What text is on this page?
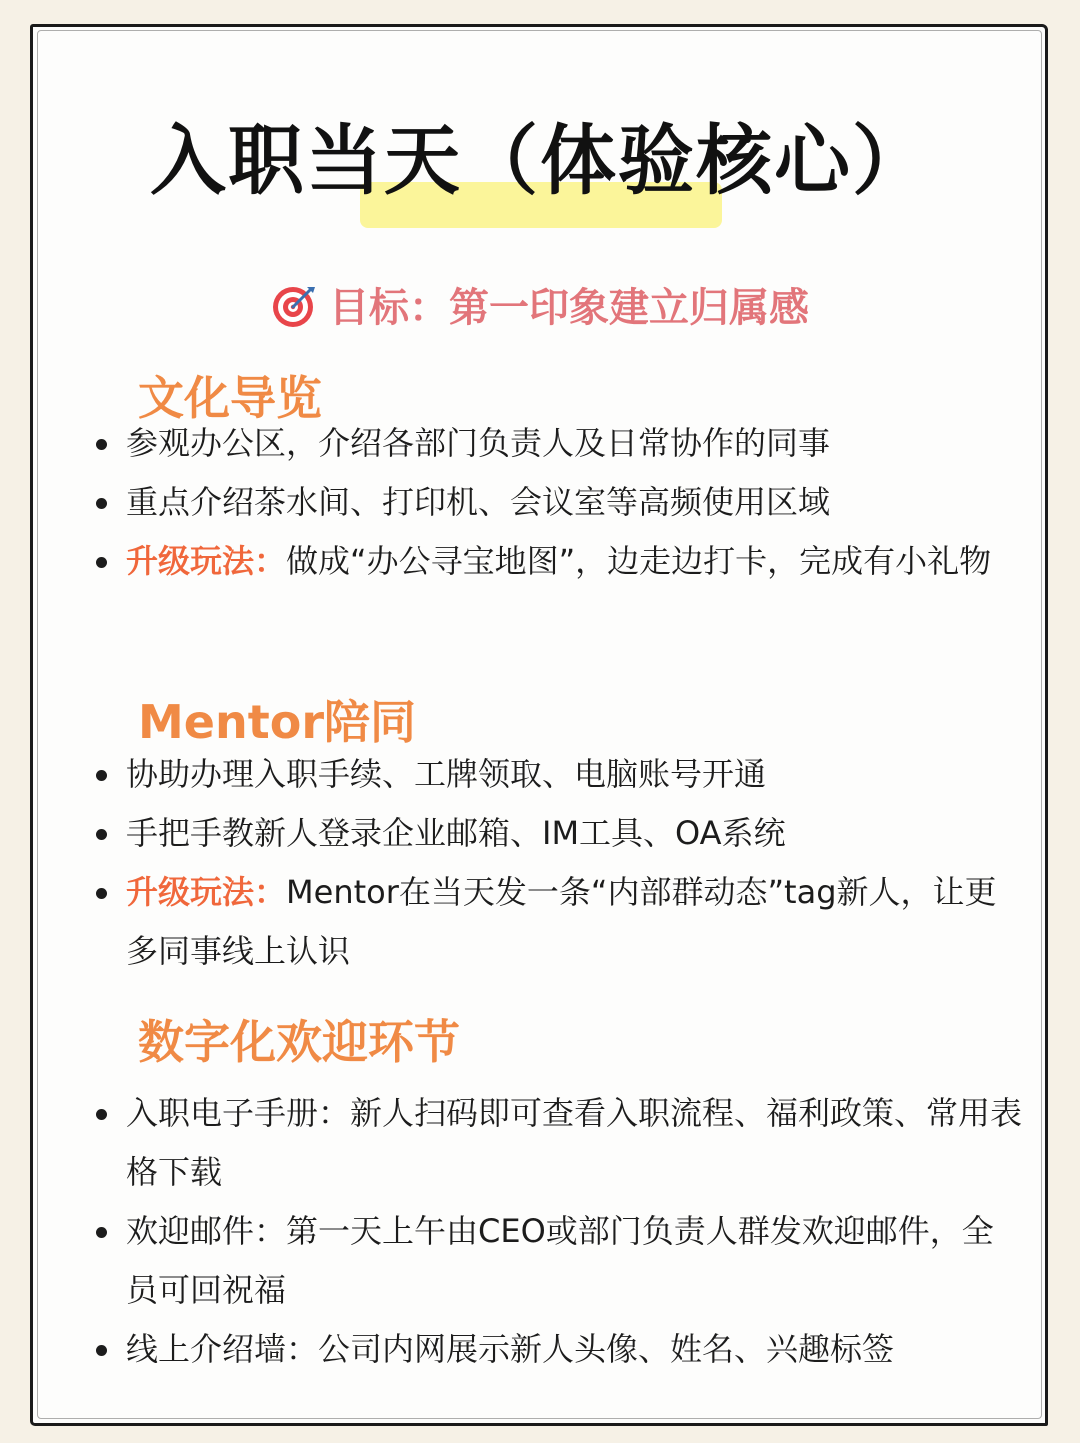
入职当天（体验核心）
目标：第一印象建立归属感
文化导览
参观办公区，介绍各部门负责人及日常协作的同事
重点介绍茶水间、打印机、会议室等高频使用区域
升级玩法：做成“办公寻宝地图”，边走边打卡，完成有小礼物
Mentor陪同
协助办理入职手续、工牌领取、电脑账号开通
手把手教新人登录企业邮箱、IM工具、OA系统
升级玩法：Mentor在当天发一条“内部群动态”tag新人，让更多同事线上认识
数字化欢迎环节
入职电子手册：新人扫码即可查看入职流程、福利政策、常用表格下载
欢迎邮件：第一天上午由CEO或部门负责人群发欢迎邮件，全员可回祝福
线上介绍墙：公司内网展示新人头像、姓名、兴趣标签
